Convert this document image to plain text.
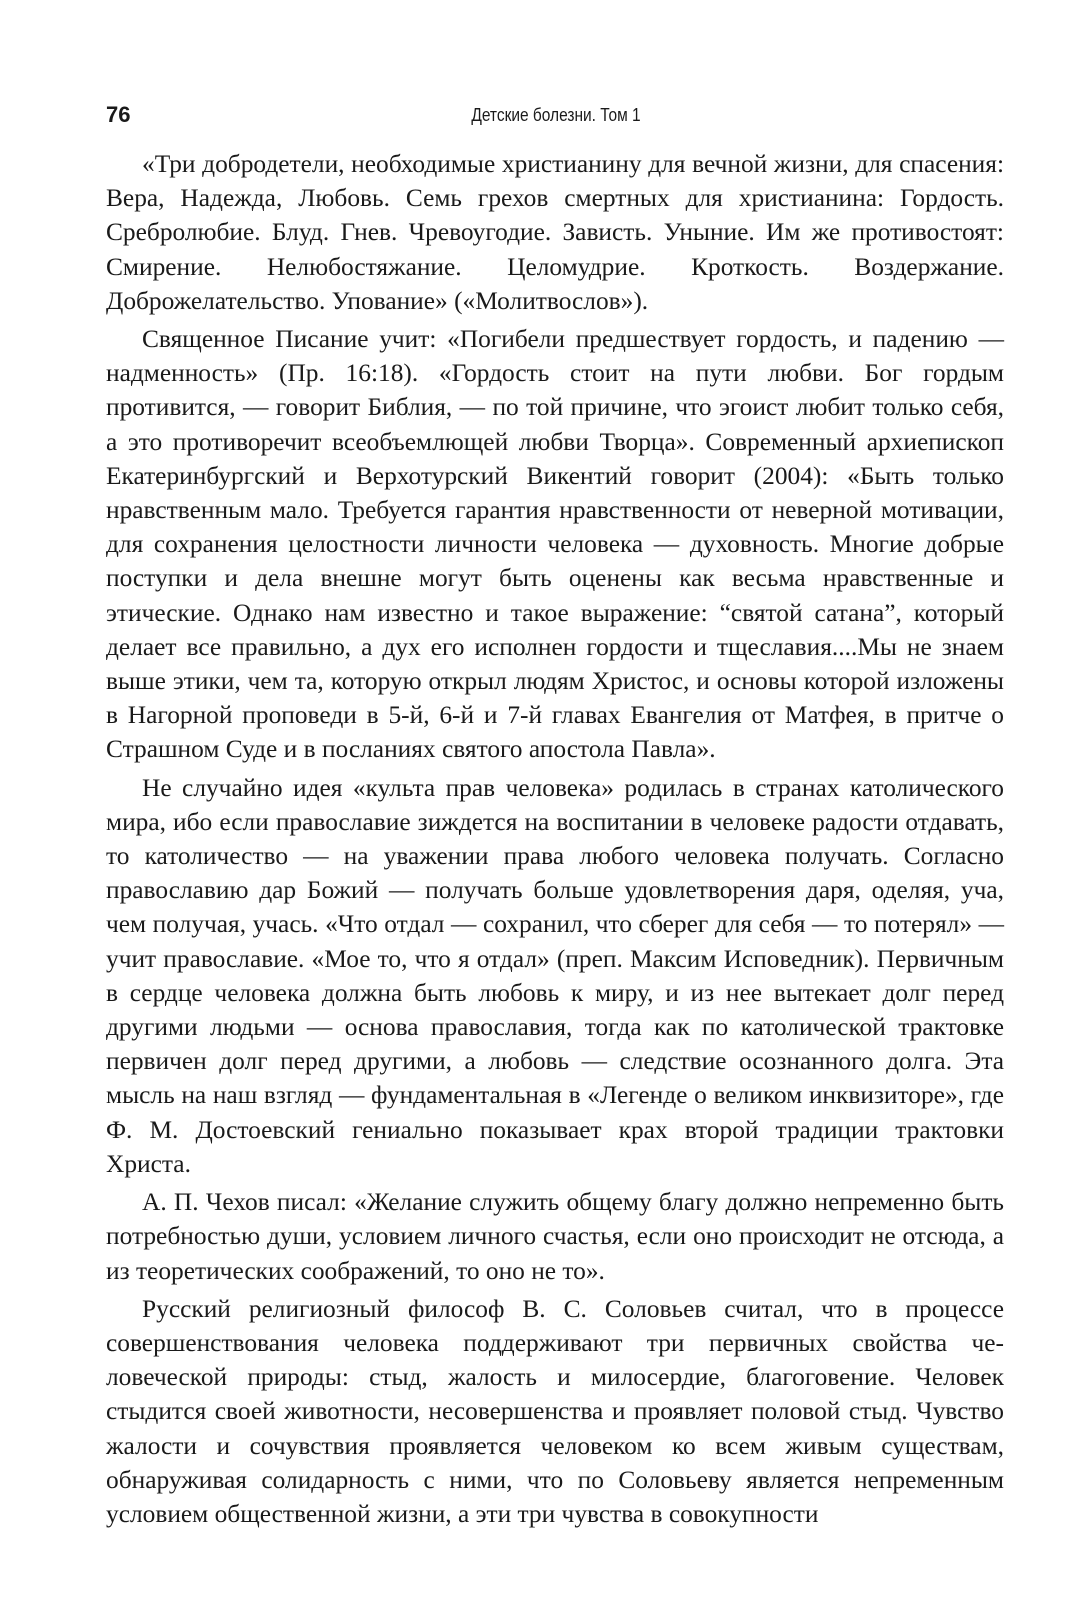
76	Детские болезни. Том 1

«Три добродетели, необходимые христианину для вечной жизни, для спасения: Вера, Надежда, Любовь. Семь грехов смертных для христианина: Гордость. Сребролюбие. Блуд. Гнев. Чревоугодие. Зависть. Уныние. Им же противостоят: Смирение. Нелюбостяжание. Целомудрие. Кроткость. Воздержание. Доброжелательство. Упование» («Молитвослов»).

Священное Писание учит: «Погибели предшествует гордость, и падению — надменность» (Пр. 16:18). «Гордость стоит на пути любви. Бог гордым противится, — говорит Библия, — по той причине, что эгоист любит только себя, а это противоречит всеобъемлющей любви Творца». Современный архиепископ Екатеринбургский и Верхотурский Викентий говорит (2004): «Быть только нравственным мало. Требуется гарантия нравственности от неверной мотивации, для сохранения целостности личности человека — духовность. Многие добрые поступки и дела внешне могут быть оценены как весьма нравственные и этические. Однако нам известно и такое выражение: “святой сатана”, который делает все правильно, а дух его исполнен гордости и тщеславия....Мы не знаем выше этики, чем та, которую открыл людям Христос, и основы которой изложены в Нагорной проповеди в 5-й, 6-й и 7-й главах Евангелия от Матфея, в притче о Страшном Суде и в посланиях святого апостола Павла».

Не случайно идея «культа прав человека» родилась в странах католического мира, ибо если православие зиждется на воспитании в человеке радости отдавать, то католичество — на уважении права любого человека получать. Согласно православию дар Божий — получать больше удовлетворения даря, оделяя, уча, чем получая, учась. «Что отдал — сохранил, что сберег для себя — то потерял» — учит православие. «Мое то, что я отдал» (преп. Максим Исповедник). Первичным в сердце человека должна быть любовь к миру, и из нее вытекает долг перед другими людьми — основа православия, тогда как по католической трактовке первичен долг перед другими, а любовь — следствие осознанного долга. Эта мысль на наш взгляд — фундаментальная в «Легенде о великом инквизиторе», где Ф. М. Достоевский гениально показывает крах второй традиции трактовки Христа.

А. П. Чехов писал: «Желание служить общему благу должно непременно быть потребностью души, условием личного счастья, если оно происходит не отсюда, а из теоретических соображений, то оно не то».

Русский религиозный философ В. С. Соловьев считал, что в процессе совершенствования человека поддерживают три первичных свойства человеческой природы: стыд, жалость и милосердие, благоговение. Человек стыдится своей животности, несовершенства и проявляет половой стыд. Чувство жалости и сочувствия проявляется человеком ко всем живым существам, обнаруживая солидарность с ними, что по Соловьеву является непременным условием общественной жизни, а эти три чувства в совокупности
